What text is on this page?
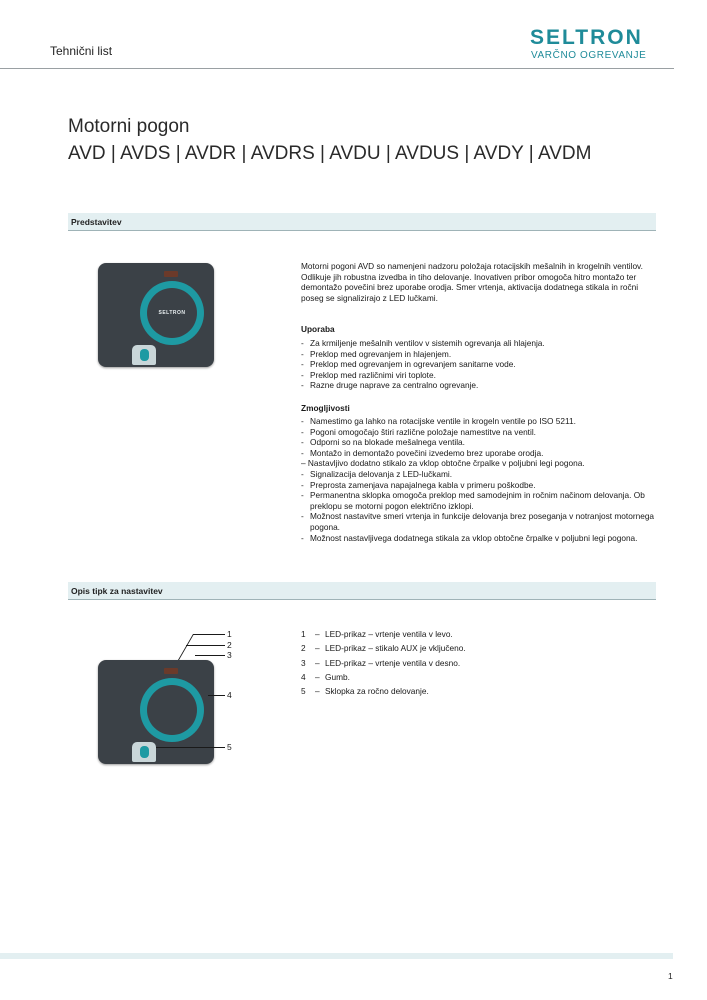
Tehnični list
SELTRON
VARČNO OGREVANJE
Motorni pogon
AVD | AVDS | AVDR | AVDRS | AVDU | AVDUS | AVDY | AVDM
Predstavitev
SELTRON

Motorni pogoni AVD so namenjeni nadzoru položaja rotacijskih mešalnih in krogelnih ventilov. Odlikuje jih robustna izvedba in tiho delovanje. Inovativen pribor omogoča hitro montažo ter demontažo povečini brez uporabe orodja. Smer vrtenja, aktivacija dodatnega stikala in ročni poseg se signalizirajo z LED lučkami.

Uporaba
- Za krmiljenje mešalnih ventilov v sistemih ogrevanja ali hlajenja.
- Preklop med ogrevanjem in hlajenjem.
- Preklop med ogrevanjem in ogrevanjem sanitarne vode.
- Preklop med različnimi viri toplote.
- Razne druge naprave za centralno ogrevanje.
Zmogljivosti
- Namestimo ga lahko na rotacijske ventile in krogeln ventile po ISO 5211.
- Pogoni omogočajo štiri različne položaje namestitve na ventil.
- Odporni so na blokade mešalnega ventila.
- Montažo in demontažo povečini izvedemo brez uporabe orodja.
– Nastavljivo dodatno stikalo za vklop obtočne črpalke v poljubni legi pogona.
- Signalizacija delovanja z LED-lučkami.
- Preprosta zamenjava napajalnega kabla v primeru poškodbe.
- Permanentna sklopka omogoča preklop med samodejnim in ročnim načinom delovanja. Ob preklopu se motorni pogon električno izklopi.
- Možnost nastavitve smeri vrtenja in funkcije delovanja brez poseganja v notranjost motornega pogona.
- Možnost nastavljivega dodatnega stikala za vklop obtočne črpalke v poljubni legi pogona.
Opis tipk za nastavitev
1
2
3
4
5
1 – LED-prikaz – vrtenje ventila v levo.
2 – LED-prikaz – stikalo AUX je vključeno.
3 – LED-prikaz – vrtenje ventila v desno.
4 – Gumb.
5 – Sklopka za ročno delovanje.
1
